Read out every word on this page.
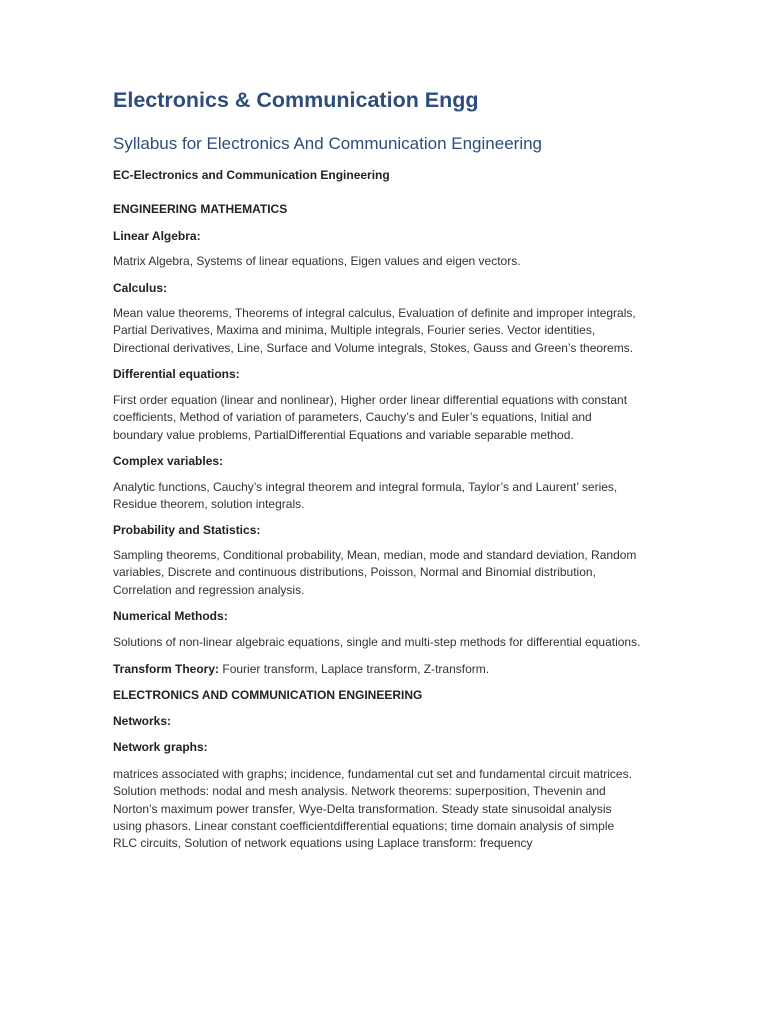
Electronics & Communication Engg
Syllabus for Electronics And Communication Engineering
EC-Electronics and Communication Engineering
ENGINEERING MATHEMATICS
Linear Algebra:
Matrix Algebra, Systems of linear equations, Eigen values and eigen vectors.
Calculus:
Mean value theorems, Theorems of integral calculus, Evaluation of definite and improper integrals,
Partial Derivatives, Maxima and minima, Multiple integrals, Fourier series. Vector identities,
Directional derivatives, Line, Surface and Volume integrals, Stokes, Gauss and Green’s theorems.
Differential equations:
First order equation (linear and nonlinear), Higher order linear differential equations with constant
coefficients, Method of variation of parameters, Cauchy’s and Euler’s equations, Initial and
boundary value problems, PartialDifferential Equations and variable separable method.
Complex variables:
Analytic functions, Cauchy’s integral theorem and integral formula, Taylor’s and Laurent’ series,
Residue theorem, solution integrals.
Probability and Statistics:
Sampling theorems, Conditional probability, Mean, median, mode and standard deviation, Random
variables, Discrete and continuous distributions, Poisson, Normal and Binomial distribution,
Correlation and regression analysis.
Numerical Methods:
Solutions of non-linear algebraic equations, single and multi-step methods for differential equations.
Transform Theory: Fourier transform, Laplace transform, Z-transform.
ELECTRONICS AND COMMUNICATION ENGINEERING
Networks:
Network graphs:
matrices associated with graphs; incidence, fundamental cut set and fundamental circuit matrices.
Solution methods: nodal and mesh analysis. Network theorems: superposition, Thevenin and
Norton’s maximum power transfer, Wye-Delta transformation. Steady state sinusoidal analysis
using phasors. Linear constant coefficientdifferential equations; time domain analysis of simple
RLC circuits, Solution of network equations using Laplace transform: frequency
